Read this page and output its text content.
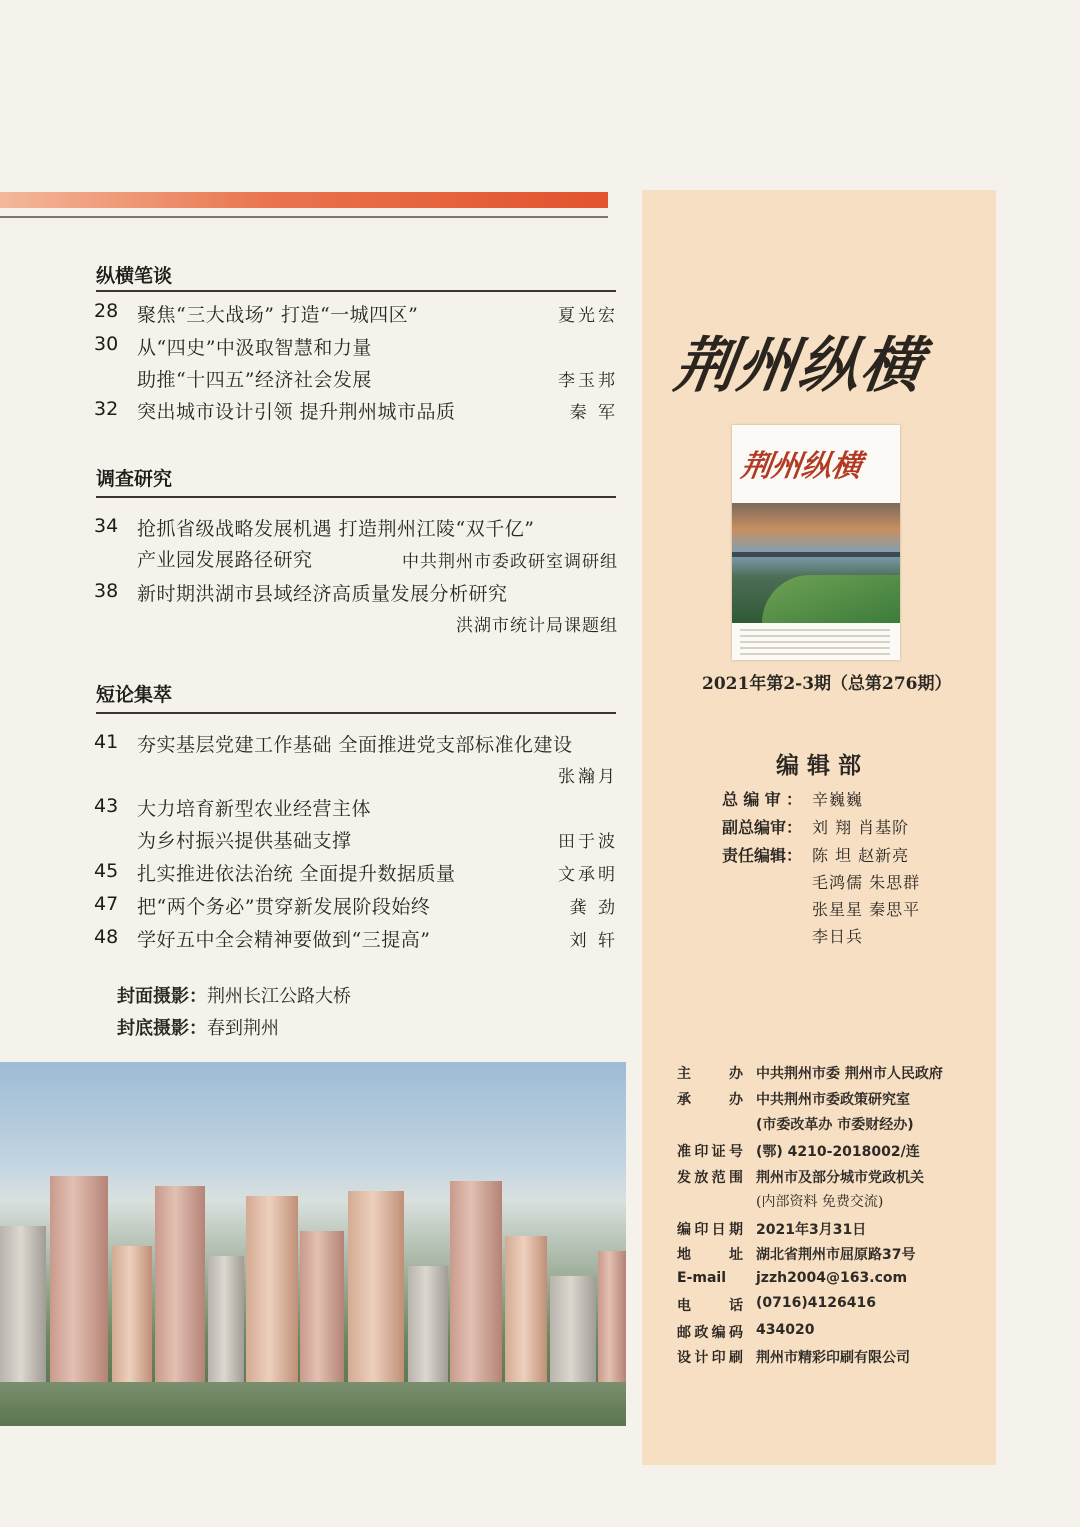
纵横笔谈
28 聚焦“三大战场” 打造“一城四区”	夏光宏
30 从“四史”中汲取智慧和力量
助推“十四五”经济社会发展	李玉邦
32 突出城市设计引领 提升荆州城市品质	秦 军
调查研究
34 抢抓省级战略发展机遇 打造荆州江陵“双千亿”
产业园发展路径研究	中共荆州市委政研室调研组
38 新时期洪湖市县域经济高质量发展分析研究
洪湖市统计局课题组
短论集萃
41 夯实基层党建工作基础 全面推进党支部标准化建设
张瀚月
43 大力培育新型农业经营主体
为乡村振兴提供基础支撑	田于波
45 扎实推进依法治统 全面提升数据质量	文承明
47 把“两个务必”贯穿新发展阶段始终	龚 劲
48 学好五中全会精神要做到“三提高”	刘 轩
封面摄影：荆州长江公路大桥
封底摄影：春到荆州
荆州纵横
荆州纵横
2021年第2-3期（总第276期）
编辑部
总编审： 辛巍巍
副总编审： 刘 翔 肖基阶
责任编辑： 陈 坦 赵新亮
毛鸿儒 朱思群
张星星 秦思平
李日兵
主办 中共荆州市委 荆州市人民政府
承办 中共荆州市委政策研究室
(市委改革办 市委财经办)
准印证号 (鄂) 4210-2018002/连
发放范围 荆州市及部分城市党政机关
(内部资料 免费交流)
编印日期 2021年3月31日
地址 湖北省荆州市屈原路37号
E-mail	jzzh2004@163.com
电话 (0716)4126416
邮政编码 434020
设计印刷 荆州市精彩印刷有限公司
